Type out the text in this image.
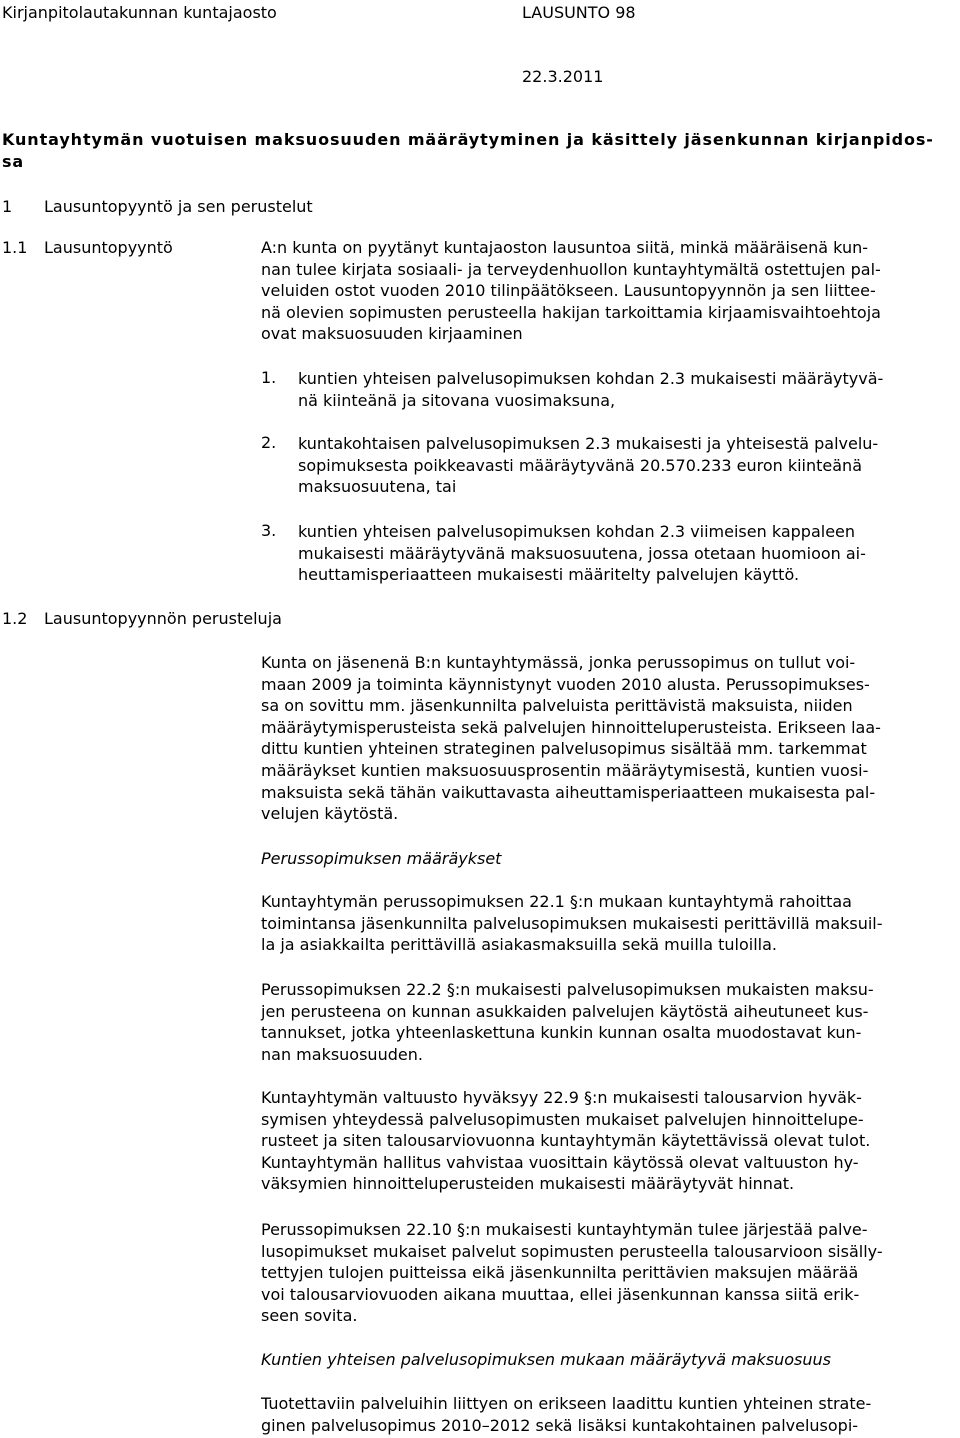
Kirjanpitolautakunnan kuntajaosto	LAUSUNTO 98
22.3.2011
Kuntayhtymän vuotuisen maksuosuuden määräytyminen ja käsittely jäsenkunnan kirjanpidos-
sa
1 Lausuntopyyntö ja sen perustelut
1.1 Lausuntopyyntö	A:n kunta on pyytänyt kuntajaoston lausuntoa siitä, minkä määräisenä kun-
nan tulee kirjata sosiaali- ja terveydenhuollon kuntayhtymältä ostettujen pal-
veluiden ostot vuoden 2010 tilinpäätökseen. Lausuntopyynnön ja sen liittee-
nä olevien sopimusten perusteella hakijan tarkoittamia kirjaamisvaihtoehtoja
ovat maksuosuuden kirjaaminen
1. kuntien yhteisen palvelusopimuksen kohdan 2.3 mukaisesti määräytyvä-
nä kiinteänä ja sitovana vuosimaksuna,
2. kuntakohtaisen palvelusopimuksen 2.3 mukaisesti ja yhteisestä palvelu-
sopimuksesta poikkeavasti määräytyvänä 20.570.233 euron kiinteänä
maksuosuutena, tai
3. kuntien yhteisen palvelusopimuksen kohdan 2.3 viimeisen kappaleen
mukaisesti määräytyvänä maksuosuutena, jossa otetaan huomioon ai-
heuttamisperiaatteen mukaisesti määritelty palvelujen käyttö.
1.2 Lausuntopyynnön perusteluja
Kunta on jäsenenä B:n kuntayhtymässä, jonka perussopimus on tullut voi-
maan 2009 ja toiminta käynnistynyt vuoden 2010 alusta. Perussopimukses-
sa on sovittu mm. jäsenkunnilta palveluista perittävistä maksuista, niiden
määräytymisperusteista sekä palvelujen hinnoitteluperusteista. Erikseen laa-
dittu kuntien yhteinen strateginen palvelusopimus sisältää mm. tarkemmat
määräykset kuntien maksuosuusprosentin määräytymisestä, kuntien vuosi-
maksuista sekä tähän vaikuttavasta aiheuttamisperiaatteen mukaisesta pal-
velujen käytöstä.
Perussopimuksen määräykset
Kuntayhtymän perussopimuksen 22.1 §:n mukaan kuntayhtymä rahoittaa
toimintansa jäsenkunnilta palvelusopimuksen mukaisesti perittävillä maksuil-
la ja asiakkailta perittävillä asiakasmaksuilla sekä muilla tuloilla.
Perussopimuksen 22.2 §:n mukaisesti palvelusopimuksen mukaisten maksu-
jen perusteena on kunnan asukkaiden palvelujen käytöstä aiheutuneet kus-
tannukset, jotka yhteenlaskettuna kunkin kunnan osalta muodostavat kun-
nan maksuosuuden.
Kuntayhtymän valtuusto hyväksyy 22.9 §:n mukaisesti talousarvion hyväk-
symisen yhteydessä palvelusopimusten mukaiset palvelujen hinnoittelupe-
rusteet ja siten talousarviovuonna kuntayhtymän käytettävissä olevat tulot.
Kuntayhtymän hallitus vahvistaa vuosittain käytössä olevat valtuuston hy-
väksymien hinnoitteluperusteiden mukaisesti määräytyvät hinnat.
Perussopimuksen 22.10 §:n mukaisesti kuntayhtymän tulee järjestää palve-
lusopimukset mukaiset palvelut sopimusten perusteella talousarvioon sisälly-
tettyjen tulojen puitteissa eikä jäsenkunnilta perittävien maksujen määrää
voi talousarviovuoden aikana muuttaa, ellei jäsenkunnan kanssa siitä erik-
seen sovita.
Kuntien yhteisen palvelusopimuksen mukaan määräytyvä maksuosuus
Tuotettaviin palveluihin liittyen on erikseen laadittu kuntien yhteinen strate-
ginen palvelusopimus 2010–2012 sekä lisäksi kuntakohtainen palvelusopi-
